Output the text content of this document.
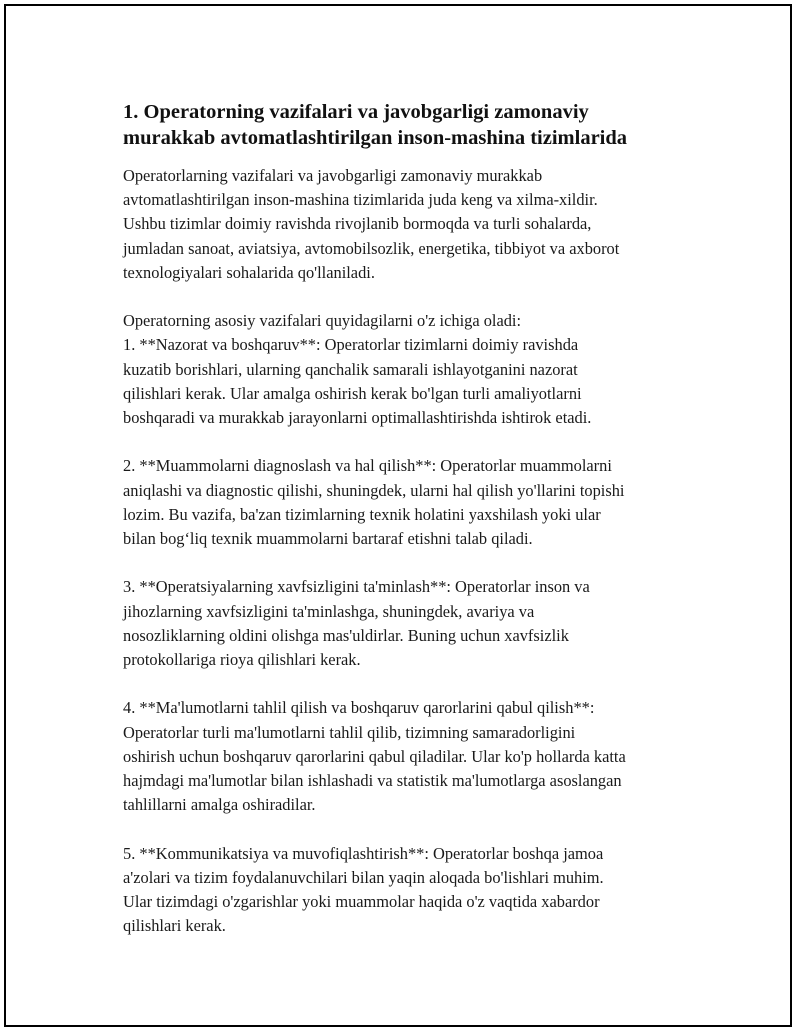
1. Operatorning vazifalari va javobgarligi zamonaviy
murakkab avtomatlashtirilgan inson-mashina tizimlarida

Operatorlarning vazifalari va javobgarligi zamonaviy murakkab
avtomatlashtirilgan inson-mashina tizimlarida juda keng va xilma-xildir.
Ushbu tizimlar doimiy ravishda rivojlanib bormoqda va turli sohalarda,
jumladan sanoat, aviatsiya, avtomobilsozlik, energetika, tibbiyot va axborot
texnologiyalari sohalarida qo'llaniladi.

Operatorning asosiy vazifalari quyidagilarni o'z ichiga oladi:
1. **Nazorat va boshqaruv**: Operatorlar tizimlarni doimiy ravishda
kuzatib borishlari, ularning qanchalik samarali ishlayotganini nazorat
qilishlari kerak. Ular amalga oshirish kerak bo'lgan turli amaliyotlarni
boshqaradi va murakkab jarayonlarni optimallashtirishda ishtirok etadi.

2. **Muammolarni diagnoslash va hal qilish**: Operatorlar muammolarni
aniqlashi va diagnostic qilishi, shuningdek, ularni hal qilish yo'llarini topishi
lozim. Bu vazifa, ba'zan tizimlarning texnik holatini yaxshilash yoki ular
bilan bog‘liq texnik muammolarni bartaraf etishni talab qiladi.

3. **Operatsiyalarning xavfsizligini ta'minlash**: Operatorlar inson va
jihozlarning xavfsizligini ta'minlashga, shuningdek, avariya va
nosozliklarning oldini olishga mas'uldirlar. Buning uchun xavfsizlik
protokollariga rioya qilishlari kerak.

4. **Ma'lumotlarni tahlil qilish va boshqaruv qarorlarini qabul qilish**:
Operatorlar turli ma'lumotlarni tahlil qilib, tizimning samaradorligini
oshirish uchun boshqaruv qarorlarini qabul qiladilar. Ular ko'p hollarda katta
hajmdagi ma'lumotlar bilan ishlashadi va statistik ma'lumotlarga asoslangan
tahlillarni amalga oshiradilar.

5. **Kommunikatsiya va muvofiqlashtirish**: Operatorlar boshqa jamoa
a'zolari va tizim foydalanuvchilari bilan yaqin aloqada bo'lishlari muhim.
Ular tizimdagi o'zgarishlar yoki muammolar haqida o'z vaqtida xabardor
qilishlari kerak.
